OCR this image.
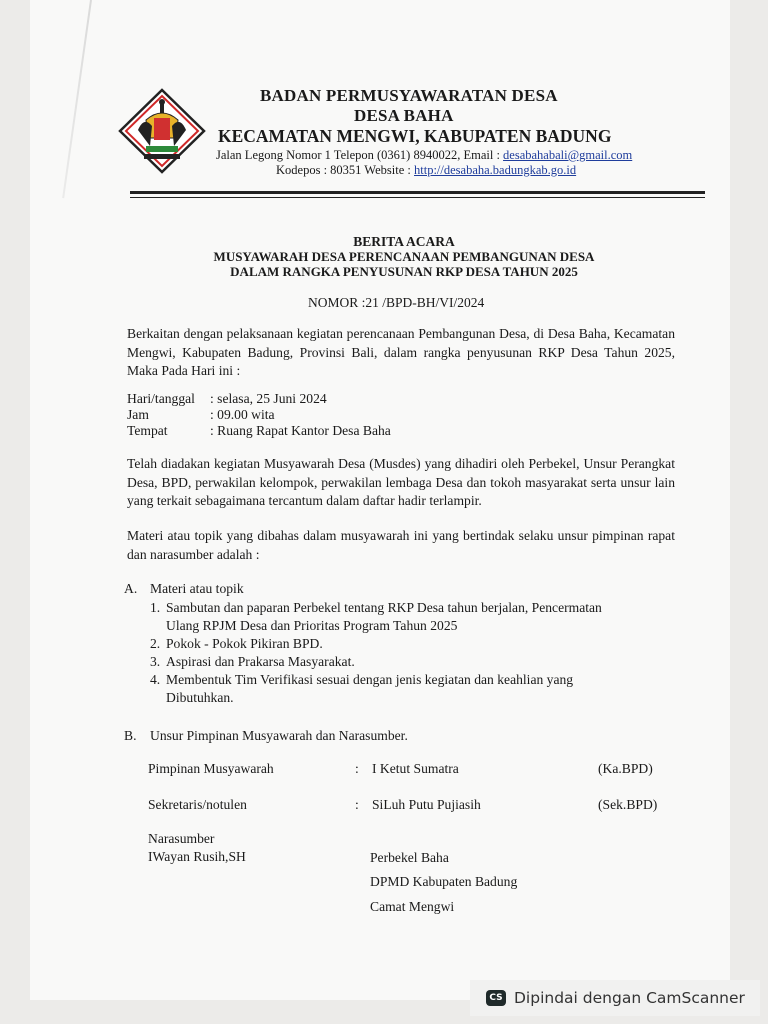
BADAN PERMUSYAWARATAN DESA
DESA BAHA
KECAMATAN MENGWI, KABUPATEN BADUNG
Jalan Legong Nomor 1 Telepon (0361) 8940022, Email : desabahabali@gmail.com
Kodepos : 80351 Website : http://desabaha.badungkab.go.id
BERITA ACARA
MUSYAWARAH DESA PERENCANAAN PEMBANGUNAN DESA
DALAM RANGKA PENYUSUNAN RKP DESA TAHUN 2025
NOMOR :21 /BPD-BH/VI/2024
Berkaitan dengan pelaksanaan kegiatan perencanaan Pembangunan Desa, di Desa Baha, Kecamatan Mengwi, Kabupaten Badung, Provinsi Bali, dalam rangka penyusunan RKP Desa Tahun 2025, Maka Pada Hari ini :
Hari/tanggal	: selasa, 25 Juni 2024
Jam	: 09.00 wita
Tempat	: Ruang Rapat Kantor Desa Baha
Telah diadakan kegiatan Musyawarah Desa (Musdes) yang dihadiri oleh Perbekel, Unsur Perangkat Desa, BPD, perwakilan kelompok, perwakilan lembaga Desa dan tokoh masyarakat serta unsur lain yang terkait sebagaimana tercantum dalam daftar hadir terlampir.
Materi atau topik yang dibahas dalam musyawarah ini yang bertindak selaku unsur pimpinan rapat dan narasumber adalah :
A. Materi atau topik
1. Sambutan dan paparan Perbekel tentang RKP Desa tahun berjalan, Pencermatan
Ulang RPJM Desa dan Prioritas Program Tahun 2025
2. Pokok - Pokok Pikiran BPD.
3. Aspirasi dan Prakarsa Masyarakat.
4. Membentuk Tim Verifikasi sesuai dengan jenis kegiatan dan keahlian yang
Dibutuhkan.
B. Unsur Pimpinan Musyawarah dan Narasumber.
Pimpinan Musyawarah	: I Ketut Sumatra	(Ka.BPD)
Sekretaris/notulen	: SiLuh Putu Pujiasih	(Sek.BPD)
Narasumber
IWayan Rusih,SH	Perbekel Baha
DPMD Kabupaten Badung
Camat Mengwi
CS Dipindai dengan CamScanner
